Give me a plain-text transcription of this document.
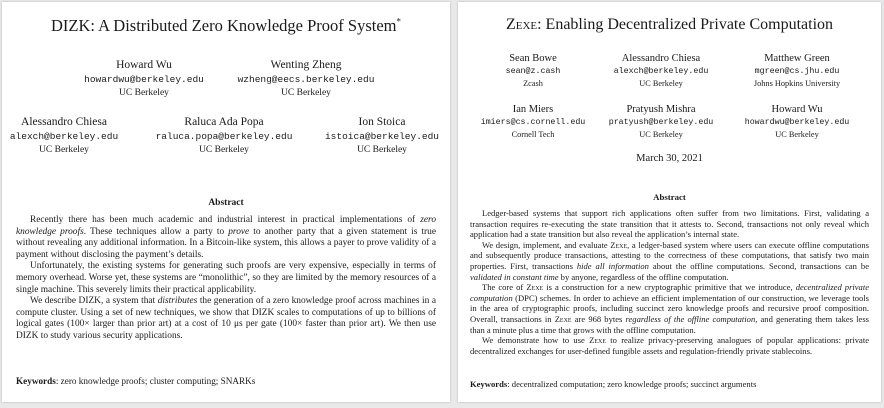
DIZK: A Distributed Zero Knowledge Proof System*
Howard Wu
howardwu@berkeley.edu
UC Berkeley
Wenting Zheng
wzheng@eecs.berkeley.edu
UC Berkeley
Alessandro Chiesa
alexch@berkeley.edu
UC Berkeley
Raluca Ada Popa
raluca.popa@berkeley.edu
UC Berkeley
Ion Stoica
istoica@berkeley.edu
UC Berkeley
Abstract

Recently there has been much academic and industrial interest in practical implementations of zero knowledge proofs. These techniques allow a party to prove to another party that a given statement is true without revealing any additional information. In a Bitcoin-like system, this allows a payer to prove validity of a payment without disclosing the payment’s details.

Unfortunately, the existing systems for generating such proofs are very expensive, especially in terms of memory overhead. Worse yet, these systems are “monolithic”, so they are limited by the memory resources of a single machine. This severely limits their practical applicability.

We describe DIZK, a system that distributes the generation of a zero knowledge proof across machines in a compute cluster. Using a set of new techniques, we show that DIZK scales to computations of up to billions of logical gates (100× larger than prior art) at a cost of 10 μs per gate (100× faster than prior art). We then use DIZK to study various security applications.

Keywords: zero knowledge proofs; cluster computing; SNARKs
Zexe: Enabling Decentralized Private Computation
Sean Bowe
sean@z.cash
Zcash
Alessandro Chiesa
alexch@berkeley.edu
UC Berkeley
Matthew Green
mgreen@cs.jhu.edu
Johns Hopkins University
Ian Miers
imiers@cs.cornell.edu
Cornell Tech
Pratyush Mishra
pratyush@berkeley.edu
UC Berkeley
Howard Wu
howardwu@berkeley.edu
UC Berkeley
March 30, 2021
Abstract

Ledger-based systems that support rich applications often suffer from two limitations. First, validating a transaction requires re-executing the state transition that it attests to. Second, transactions not only reveal which application had a state transition but also reveal the application’s internal state.

We design, implement, and evaluate Zexe, a ledger-based system where users can execute offline computations and subsequently produce transactions, attesting to the correctness of these computations, that satisfy two main properties. First, transactions hide all information about the offline computations. Second, transactions can be validated in constant time by anyone, regardless of the offline computation.

The core of Zexe is a construction for a new cryptographic primitive that we introduce, decentralized private computation (DPC) schemes. In order to achieve an efficient implementation of our construction, we leverage tools in the area of cryptographic proofs, including succinct zero knowledge proofs and recursive proof composition. Overall, transactions in Zexe are 968 bytes regardless of the offline computation, and generating them takes less than a minute plus a time that grows with the offline computation.

We demonstrate how to use Zexe to realize privacy-preserving analogues of popular applications: private decentralized exchanges for user-defined fungible assets and regulation-friendly private stablecoins.

Keywords: decentralized computation; zero knowledge proofs; succinct arguments
